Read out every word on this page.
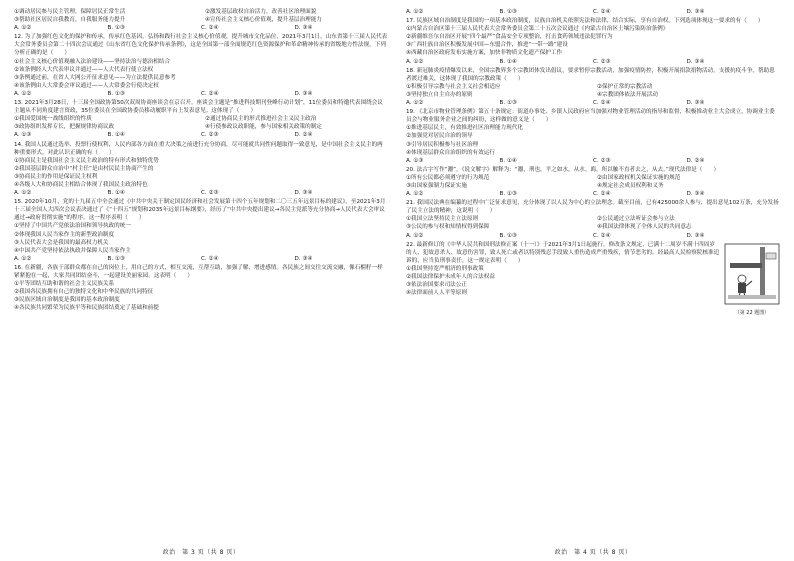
①调动居民参与民主管理，保障居民正常生活	②激发基层政权自治活力，改善社区治理面貌
③帮助社区居民自我教育，自我服务能力提升	④宣传社会主义核心价值观，提升基层治理能力
A. ①②	B. ①③	C. ②④	D. ③④
12. 为了加强红色文化的保护和传承，传承红色基因，弘扬和践行社会主义核心价值观，提升城市文化品位，2021年3月1日，山东省第十三届人民代表大会常务委员会第二十四次会议通过《山东省红色文化保护传承条例》，这是全国第一部全面规范红色资源保护和革命精神传承的省级地方性法规。下列分析正确的是（　　）
①社会主义核心价值观融入法治建设——坚持法治与德治相结合
②该条例经人大代表审议并通过——人大代表行使立法权
③条例通过前，在省人大网公开征求意见——为立法提供民意参考
④该条例由人大常委会审议通过——人大常委会行使决定权
A. ①②	B. ①③	C. ②④	D. ③④
13. 2021年3月28日，十三届全国政协第50次双周协商座谈会在京召开。座谈会主题是“推进科技期刊登峰行动计划”，11位委员和特邀代表围绕会议主题从不同角度建言资政，35位委员在全国政协委员移动履职平台上发表意见。这体现了（　　）
①我国爱国统一战线组织的性质	②通过协商民主的形式推进社会主义民主政治
③政协组织发挥专长，把握规律协商议政	④行使参政议政职能，参与国家相关政策的制定
A. ①③	B. ①④	C. ②③	D. ②④
14. 我国人民通过选举、投票行使权利，人民内部各方面在重大决策之前进行充分协商，尽可能就共同性问题取得一致意见，是中国社会主义民主的两种重要形式。对此认识正确的有（　　）
①协商民主是我国社会主义民主政治的特有形式和独特优势
②我国基层群众自治中“村主任”是由村民民主协商产生的
③协商民主的作用是保证民主权利
④各级人大和协商民主相结合体现了我国民主政治特色
A. ①②	B. ①④	C. ②③	D. ③④
15. 2020年10月，党的十九届五中全会通过《中共中央关于制定国民经济和社会发展第十四个五年规划和二〇三五年远景目标的建议》，至2021年3月十三届全国人大四次会议表决通过了《“十四五”规划和2035年远景目标纲要》，经历了“中共中央提出建议→各民主党派等充分协商→人民代表大会审议通过→政府贯彻实施”的程序。这一程序表明（　　）
①坚持了中国共产党依法治国和领导执政的统一
②体现我国人民当家作主的新型政治制度
③人民代表大会是我国的最高权力机关
④中国共产党坚持依法执政并保障人民当家作主
A. ①②	B. ①③	C. ②④	D. ③④
16. 在新疆，各族干部群众都在自己的岗位上，用自己的方式，相互交流，互帮互助，加强了解，增进感情。各民族之间交往交流交融，像石榴籽一样紧紧抱在一起，大家共同团结奋斗，一起建设美丽家园。这表明（　　）
①平等团结互助和谐的社会主义民族关系
②我国各民族拥有自己的独特文化和中华民族的共同特征
③民族区域自治制度是我国的基本政治制度
④各民族共同繁荣为民族平等和民族团结奠定了基础和前提
政治　第 3 页（共 8 页）
A. ①②	B. ①③	C. ②④	D. ③④
17. 民族区域自治制度是我国的一项基本政治制度，民族自治机关依照宪法和法律，结合实际，享有自治权。下列选项体现这一要求的有（　　）
①内蒙古自治区第十三届人民代表大会常务委员会第二十五次会议通过《内蒙古自治区土壤污染防治条例》
②新疆维吾尔自治区开展“四个最严”食品安全专项整治，打击食药领域违法犯罪行为
③广西壮族自治区积极发展中国—东盟合作，推进“一带一路”建设
④西藏自治区政府发布实施方案，加快非物质文化遗产保护工作
A. ①②	B. ①④	C. ②③	D. ③④
18. 新冠肺炎疫情爆发以来，全国宗教界多个宗教团体发出倡议，要求暂停宗教活动，加强疫情防控，积极开展捐款捐物活动，支援抗疫斗争，帮助患者渡过难关，这体现了我国的宗教政策（　　）
①积极引导宗教与社会主义社会相适应	②保护正常的宗教活动
③坚持独立自主自办的原则	④宗教团体依法开展活动
A. ①②	B. ①③	C. ②④	D. ③④
19. 《北京市物业管理条例》第五十条规定：街道办事处、乡镇人民政府应当加强对物业管理活动的指导和监督，积极推动业主大会成立，协调业主委员会与物业服务企业之间的纠纷，这样做的意义是（　　）
①推进基层民主，有效推进社区治理能力现代化
②加强党对居民自治的领导
③引导居民积极参与社区治理
④体现基层群众自治组织的有效运行
A. ①③	B. ①④	C. ②③	D. ②④
20. 法古字写作“灋”。《说文解字》解释为：“灋，刑也，平之如水，从水。廌，所以触不直者去之，从去。”现代法律是（　　）
①所有公民都必须遵守的行为规范	②由国家政权机关保证实施的规范
③由国家强制力保证实施	④规定社会成员权利和义务
A. ①②	B. ①③	C. ②④	D. ③④
21. 我国民法典在编纂的过程中广泛征求意见，充分体现了以人民为中心的立法理念。截至目前，已有425000余人参与，提出意见102万条，充分发扬了民主立法的精神，这说明（　　）
①我国立法坚持民主立法原则	②公民通过立法听证会参与立法
③公民的参与权和知情权得到保障	④我国法律体现了全体人民的共同意志
A. ①②	B. ①③	C. ②④	D. ③④
22. 最新修订的《中华人民共和国刑法修正案（十一）》于2021年3月1日起施行，修改条文规定，已满十二周岁不满十四周岁的人，犯故意杀人、故意伤害罪，致人死亡或者以特别残忍手段致人重伤造成严重残疾，情节恶劣的，经最高人民检察院核准追诉的，应当负刑事责任。这一规定表明（　　）
①我国坚持宽严相济的刑事政策
②我国法律保护未成年人的合法权益
③依法治国要求司法公正
④法律面前人人平等原则
（第 22 题图）
政治　第 4 页（共 8 页）
